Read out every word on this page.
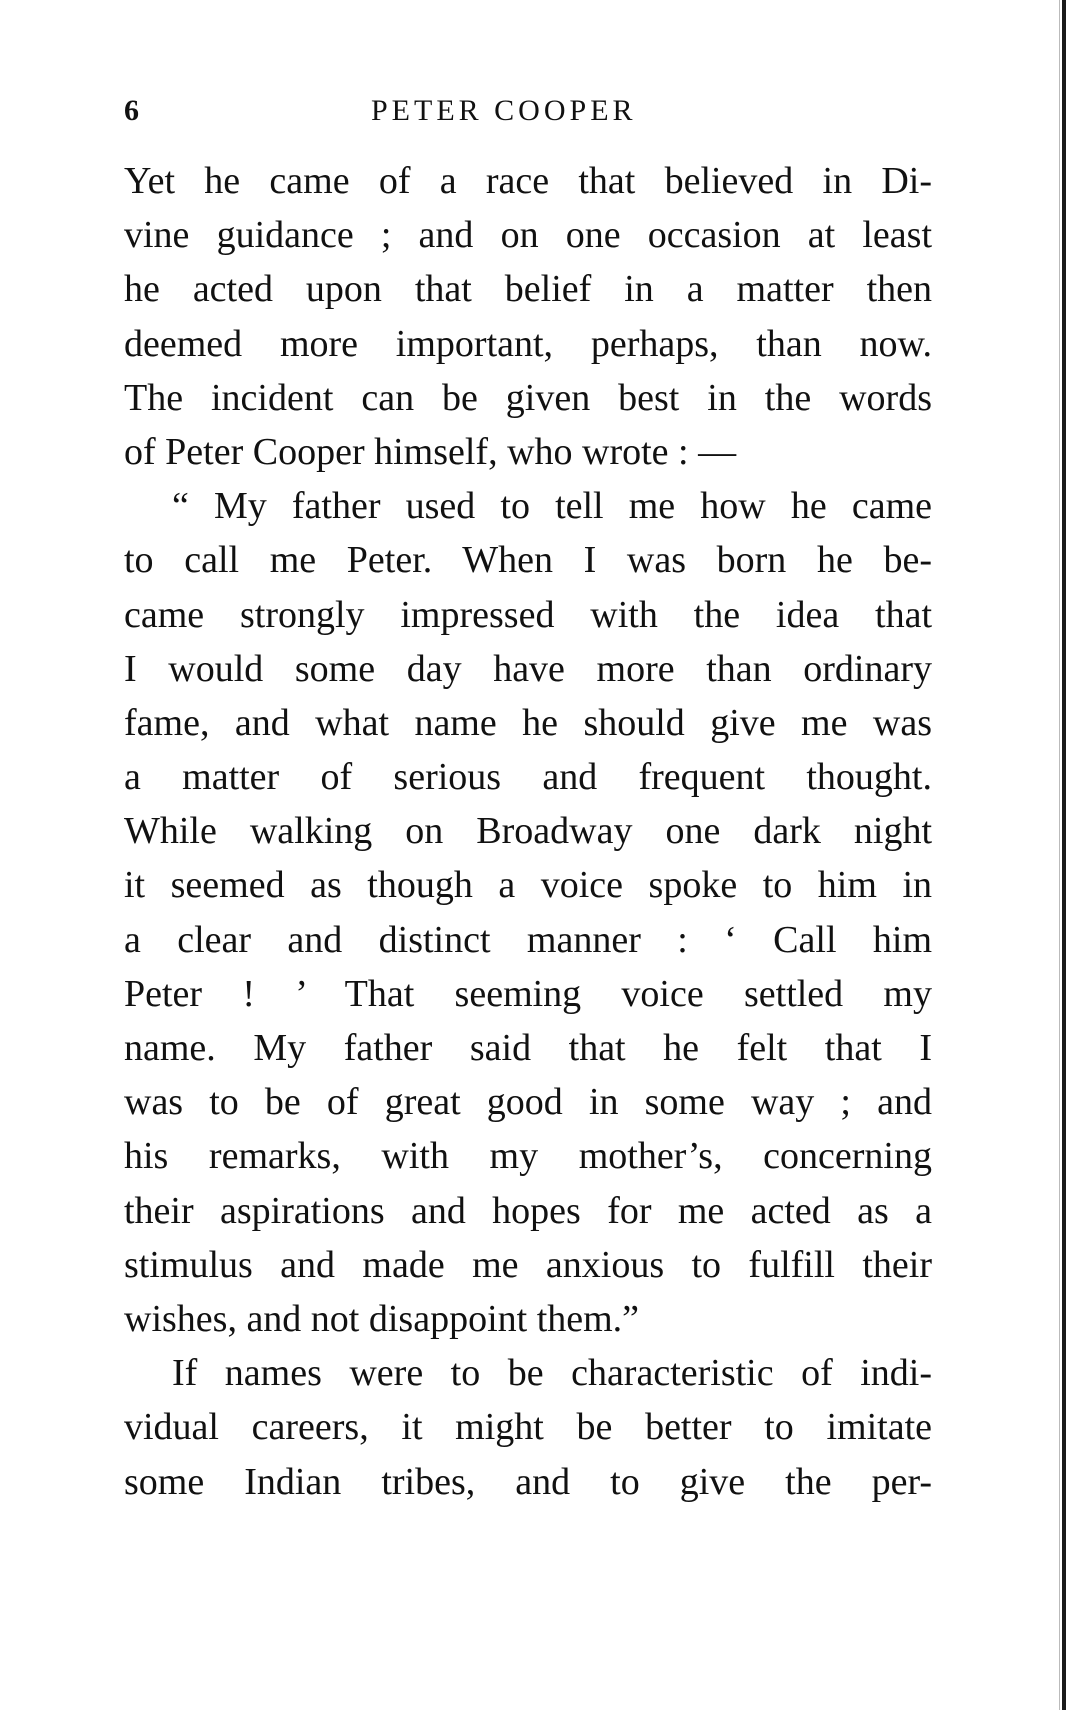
6	PETER COOPER
Yet he came of a race that believed in Di-
vine guidance ; and on one occasion at least
he acted upon that belief in a matter then
deemed more important, perhaps, than now.
The incident can be given best in the words
of Peter Cooper himself, who wrote : —
“ My father used to tell me how he came
to call me Peter. When I was born he be-
came strongly impressed with the idea that
I would some day have more than ordinary
fame, and what name he should give me was
a matter of serious and frequent thought.
While walking on Broadway one dark night
it seemed as though a voice spoke to him in
a clear and distinct manner : ‘ Call him
Peter ! ’ That seeming voice settled my
name. My father said that he felt that I
was to be of great good in some way ; and
his remarks, with my mother’s, concerning
their aspirations and hopes for me acted as a
stimulus and made me anxious to fulfill their
wishes, and not disappoint them.”
If names were to be characteristic of indi-
vidual careers, it might be better to imitate
some Indian tribes, and to give the per-
